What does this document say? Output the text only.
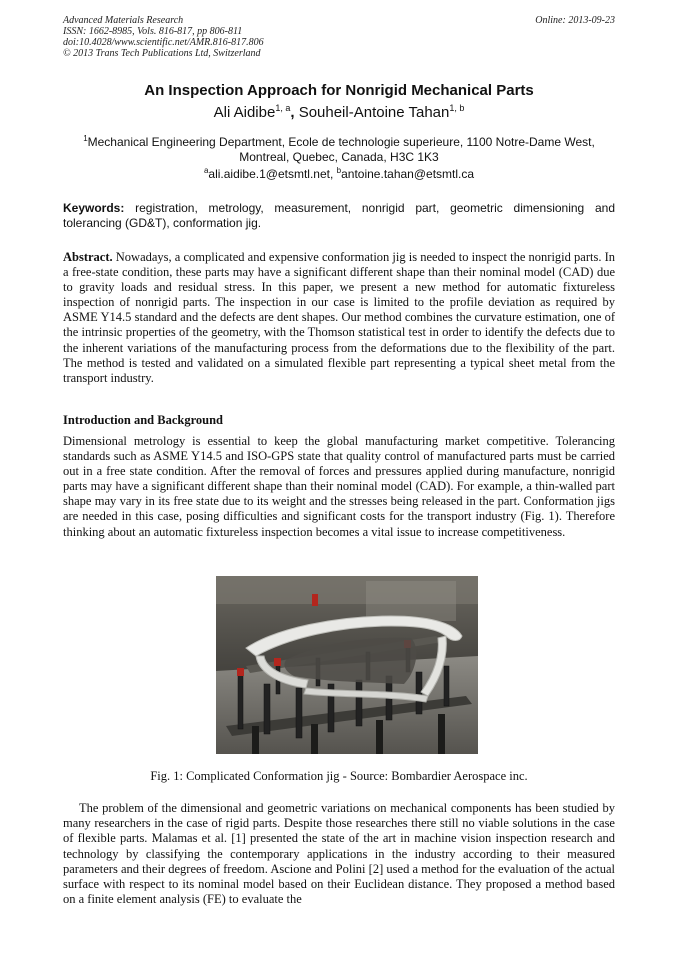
Advanced Materials Research
ISSN: 1662-8985, Vols. 816-817, pp 806-811
doi:10.4028/www.scientific.net/AMR.816-817.806
© 2013 Trans Tech Publications Ltd, Switzerland
Online: 2013-09-23
An Inspection Approach for Nonrigid Mechanical Parts
Ali Aidibe$^{1, a}$, Souheil-Antoine Tahan$^{1, b}$
$^1$Mechanical Engineering Department, Ecole de technologie superieure, 1100 Notre-Dame West, Montreal, Quebec, Canada, H3C 1K3
$^a$ali.aidibe.1@etsmtl.net, $^b$antoine.tahan@etsmtl.ca
Keywords: registration, metrology, measurement, nonrigid part, geometric dimensioning and tolerancing (GD&T), conformation jig.
Abstract. Nowadays, a complicated and expensive conformation jig is needed to inspect the nonrigid parts. In a free-state condition, these parts may have a significant different shape than their nominal model (CAD) due to gravity loads and residual stress. In this paper, we present a new method for automatic fixtureless inspection of nonrigid parts. The inspection in our case is limited to the profile deviation as required by ASME Y14.5 standard and the defects are dent shapes. Our method combines the curvature estimation, one of the intrinsic properties of the geometry, with the Thomson statistical test in order to identify the defects due to the inherent variations of the manufacturing process from the deformations due to the flexibility of the part. The method is tested and validated on a simulated flexible part representing a typical sheet metal from the transport industry.
Introduction and Background

Dimensional metrology is essential to keep the global manufacturing market competitive. Tolerancing standards such as ASME Y14.5 and ISO-GPS state that quality control of manufactured parts must be carried out in a free state condition. After the removal of forces and pressures applied during manufacture, nonrigid parts may have a significant different shape than their nominal model (CAD). For example, a thin-walled part shape may vary in its free state due to its weight and the stresses being released in the part. Conformation jigs are needed in this case, posing difficulties and significant costs for the transport industry (Fig. 1). Therefore thinking about an automatic fixtureless inspection becomes a vital issue to increase competitiveness.

Fig. 1: Complicated Conformation jig - Source: Bombardier Aerospace inc.

The problem of the dimensional and geometric variations on mechanical components has been studied by many researchers in the case of rigid parts. Despite those researches there still no viable solutions in the case of flexible parts. Malamas et al. [1] presented the state of the art in machine vision inspection research and technology by classifying the contemporary applications in the industry according to their measured parameters and their degrees of freedom. Ascione and Polini [2] used a method for the evaluation of the actual surface with respect to its nominal model based on their Euclidean distance. They proposed a method based on a finite element analysis (FE) to evaluate the
